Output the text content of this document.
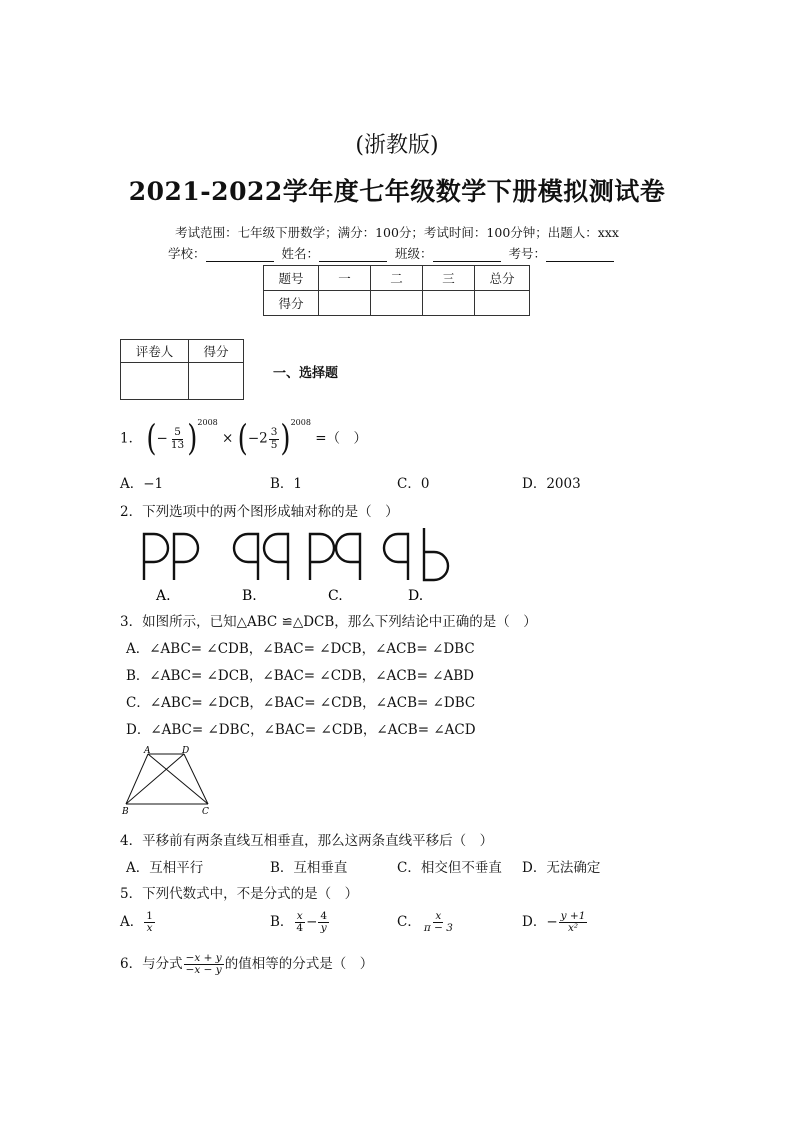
(浙教版)
2021-2022学年度七年级数学下册模拟测试卷
考试范围：七年级下册数学；满分：100分；考试时间：100分钟；出题人：xxx
学校：	姓名：	班级：	考号：
题号	一	二	三	总分
得分				
评卷人	得分

一、选择题
1． (− $\frac{5}{13} )^{2008} \times (-2 \frac{3}{5} )^{2008}$ =（　）
A．−1	B．1	C．0	D．2003
2．下列选项中的两个图形成轴对称的是（　）
A.	B.	C.	D.
3．如图所示，已知△ABC ≌△DCB，那么下列结论中正确的是（　）
A．∠ABC= ∠CDB，∠BAC= ∠DCB，∠ACB= ∠DBC
B．∠ABC= ∠DCB，∠BAC= ∠CDB，∠ACB= ∠ABD
C．∠ABC= ∠DCB，∠BAC= ∠CDB，∠ACB= ∠DBC
D．∠ABC= ∠DBC，∠BAC= ∠CDB，∠ACB= ∠ACD
A	D
B	C
4．平移前有两条直线互相垂直，那么这两条直线平移后（　）
A．互相平行	B．互相垂直	C．相交但不垂直 D．无法确定
5．下列代数式中，不是分式的是（　）
A． $\frac{1}{x}$	B． $\frac{x}{4} - \frac{4}{y}$	C． $\frac{x}{\pi - 3}$	D．− $\frac{y +1}{\text{x²}}$
6．与分式 $\frac{-x + y}{-x - y}$ 的值相等的分式是（　）
